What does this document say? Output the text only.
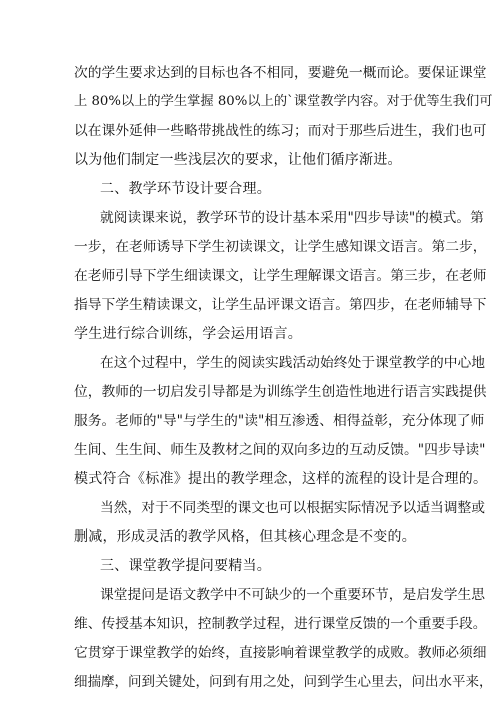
次的学生要求达到的目标也各不相同，要避免一概而论。要保证课堂
上 80%以上的学生掌握 80%以上的`课堂教学内容。对于优等生我们可
以在课外延伸一些略带挑战性的练习；而对于那些后进生，我们也可
以为他们制定一些浅层次的要求，让他们循序渐进。
二、教学环节设计要合理。
就阅读课来说，教学环节的设计基本采用"四步导读"的模式。第
一步，在老师诱导下学生初读课文，让学生感知课文语言。第二步，
在老师引导下学生细读课文，让学生理解课文语言。第三步，在老师
指导下学生精读课文，让学生品评课文语言。第四步，在老师辅导下
学生进行综合训练，学会运用语言。
在这个过程中，学生的阅读实践活动始终处于课堂教学的中心地
位，教师的一切启发引导都是为训练学生创造性地进行语言实践提供
服务。老师的"导"与学生的"读"相互渗透、相得益彰，充分体现了师
生间、生生间、师生及教材之间的双向多边的互动反馈。"四步导读"
模式符合《标准》提出的教学理念，这样的流程的设计是合理的。
当然，对于不同类型的课文也可以根据实际情况予以适当调整或
删减，形成灵活的教学风格，但其核心理念是不变的。
三、课堂教学提问要精当。
课堂提问是语文教学中不可缺少的一个重要环节，是启发学生思
维、传授基本知识，控制教学过程，进行课堂反馈的一个重要手段。
它贯穿于课堂教学的始终，直接影响着课堂教学的成败。教师必须细
细揣摩，问到关键处，问到有用之处，问到学生心里去，问出水平来，
